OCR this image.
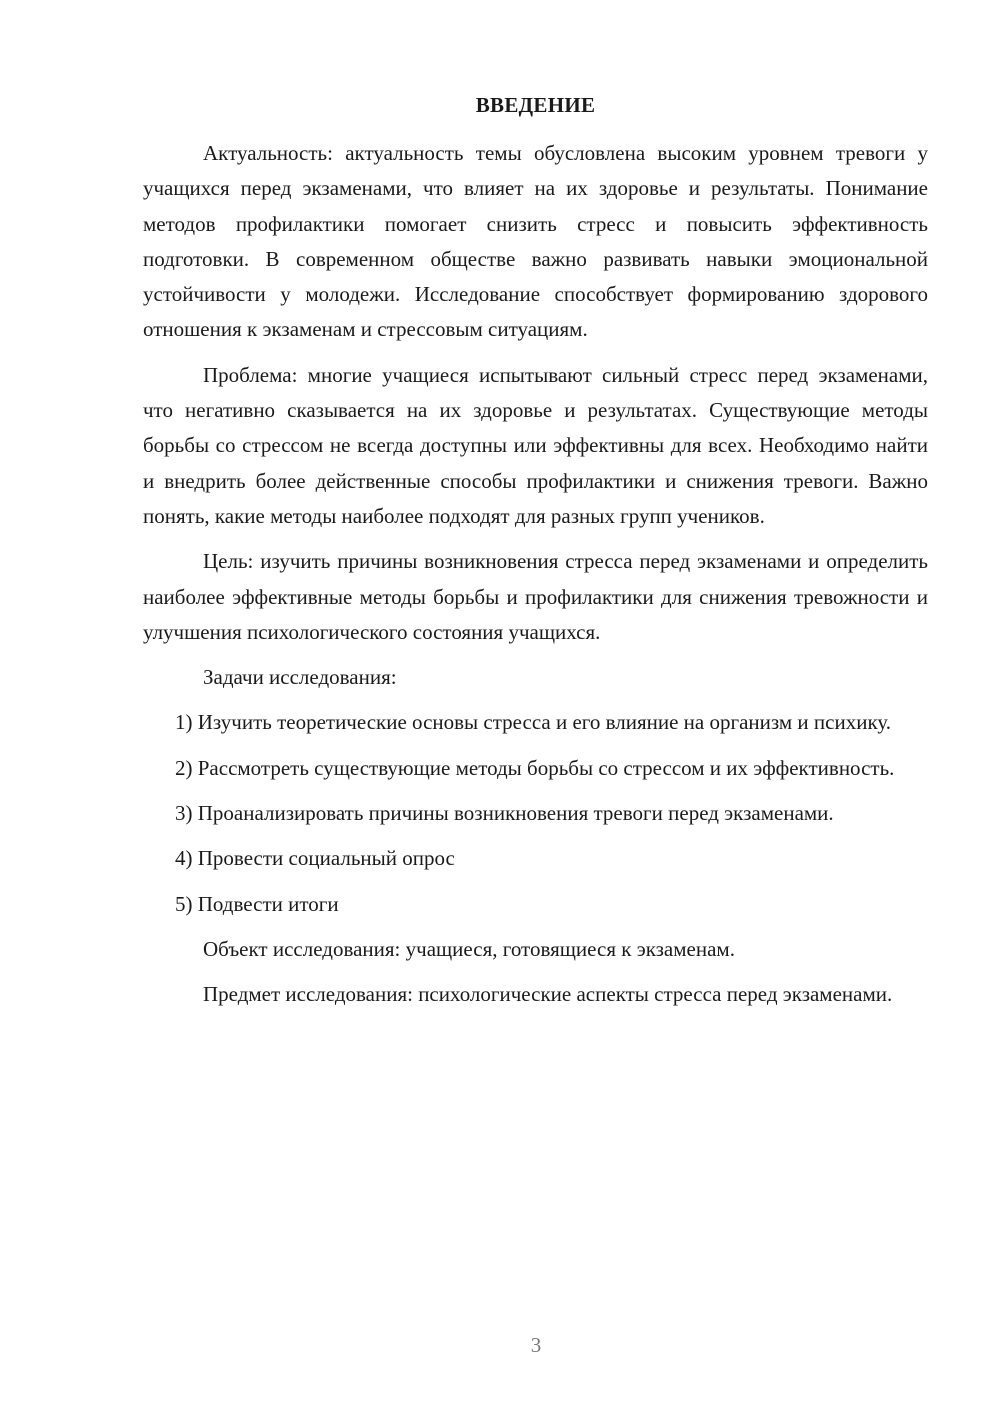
ВВЕДЕНИЕ

Актуальность: актуальность темы обусловлена высоким уровнем тревоги у учащихся перед экзаменами, что влияет на их здоровье и результаты. Понимание методов профилактики помогает снизить стресс и повысить эффективность подготовки. В современном обществе важно развивать навыки эмоциональной устойчивости у молодежи. Исследование способствует формированию здорового отношения к экзаменам и стрессовым ситуациям.

Проблема: многие учащиеся испытывают сильный стресс перед экзаменами, что негативно сказывается на их здоровье и результатах. Существующие методы борьбы со стрессом не всегда доступны или эффективны для всех. Необходимо найти и внедрить более действенные способы профилактики и снижения тревоги. Важно понять, какие методы наиболее подходят для разных групп учеников.

Цель: изучить причины возникновения стресса перед экзаменами и определить наиболее эффективные методы борьбы и профилактики для снижения тревожности и улучшения психологического состояния учащихся.

Задачи исследования:

1) Изучить теоретические основы стресса и его влияние на организм и психику.

2) Рассмотреть существующие методы борьбы со стрессом и их эффективность.

3) Проанализировать причины возникновения тревоги перед экзаменами.

4) Провести социальный опрос

5) Подвести итоги

Объект исследования: учащиеся, готовящиеся к экзаменам.

Предмет исследования: психологические аспекты стресса перед экзаменами.

3
